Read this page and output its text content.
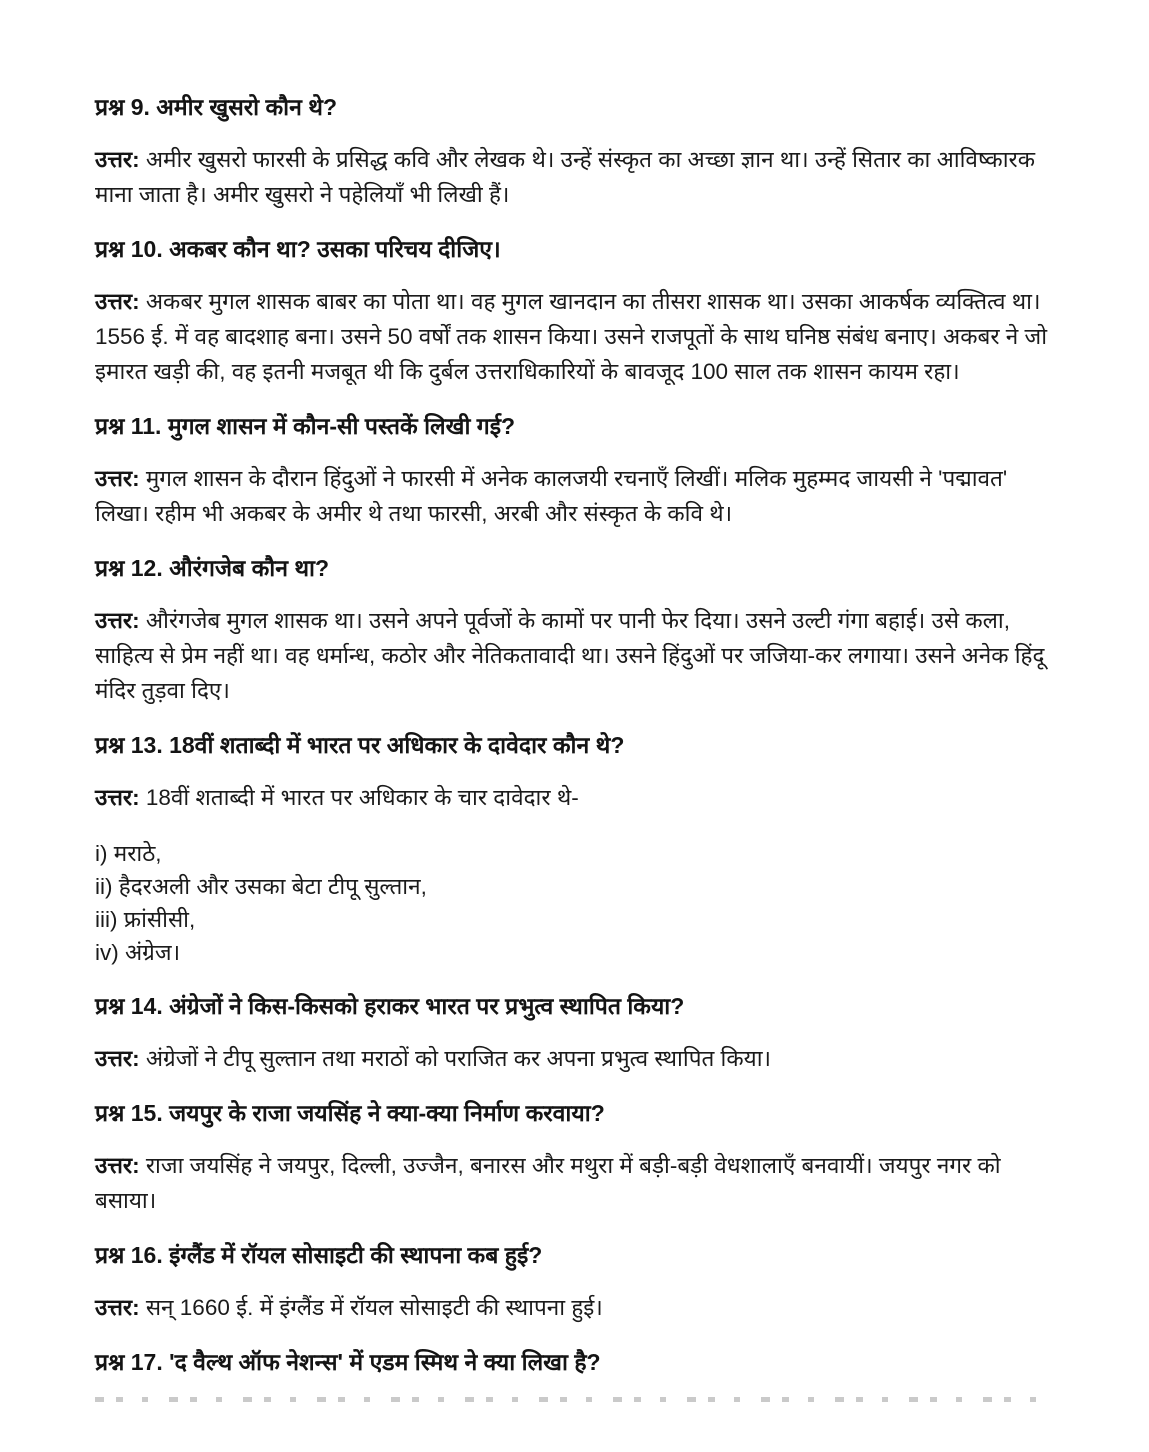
प्रश्न 9. अमीर खुसरो कौन थे?

उत्तर: अमीर खुसरो फारसी के प्रसिद्ध कवि और लेखक थे। उन्हें संस्कृत का अच्छा ज्ञान था। उन्हें सितार का आविष्कारक माना जाता है। अमीर खुसरो ने पहेलियाँ भी लिखी हैं।

प्रश्न 10. अकबर कौन था? उसका परिचय दीजिए।

उत्तर: अकबर मुगल शासक बाबर का पोता था। वह मुगल खानदान का तीसरा शासक था। उसका आकर्षक व्यक्तित्व था। 1556 ई. में वह बादशाह बना। उसने 50 वर्षों तक शासन किया। उसने राजपूतों के साथ घनिष्ठ संबंध बनाए। अकबर ने जो इमारत खड़ी की, वह इतनी मजबूत थी कि दुर्बल उत्तराधिकारियों के बावजूद 100 साल तक शासन कायम रहा।

प्रश्न 11. मुगल शासन में कौन-सी पस्तकें लिखी गई?

उत्तर: मुगल शासन के दौरान हिंदुओं ने फारसी में अनेक कालजयी रचनाएँ लिखीं। मलिक मुहम्मद जायसी ने 'पद्मावत' लिखा। रहीम भी अकबर के अमीर थे तथा फारसी, अरबी और संस्कृत के कवि थे।

प्रश्न 12. औरंगजेब कौन था?

उत्तर: औरंगजेब मुगल शासक था। उसने अपने पूर्वजों के कामों पर पानी फेर दिया। उसने उल्टी गंगा बहाई। उसे कला, साहित्य से प्रेम नहीं था। वह धर्मान्ध, कठोर और नेतिकतावादी था। उसने हिंदुओं पर जजिया-कर लगाया। उसने अनेक हिंदू मंदिर तुड़वा दिए।

प्रश्न 13. 18वीं शताब्दी में भारत पर अधिकार के दावेदार कौन थे?

उत्तर: 18वीं शताब्दी में भारत पर अधिकार के चार दावेदार थे-

i) मराठे,
ii) हैदरअली और उसका बेटा टीपू सुल्तान,
iii) फ्रांसीसी,
iv) अंग्रेज।
प्रश्न 14. अंग्रेजों ने किस-किसको हराकर भारत पर प्रभुत्व स्थापित किया?

उत्तर: अंग्रेजों ने टीपू सुल्तान तथा मराठों को पराजित कर अपना प्रभुत्व स्थापित किया।

प्रश्न 15. जयपुर के राजा जयसिंह ने क्या-क्या निर्माण करवाया?

उत्तर: राजा जयसिंह ने जयपुर, दिल्ली, उज्जैन, बनारस और मथुरा में बड़ी-बड़ी वेधशालाएँ बनवायीं। जयपुर नगर को बसाया।

प्रश्न 16. इंग्लैंड में रॉयल सोसाइटी की स्थापना कब हुई?

उत्तर: सन् 1660 ई. में इंग्लैंड में रॉयल सोसाइटी की स्थापना हुई।

प्रश्न 17. 'द वैल्थ ऑफ नेशन्स' में एडम स्मिथ ने क्या लिखा है?
